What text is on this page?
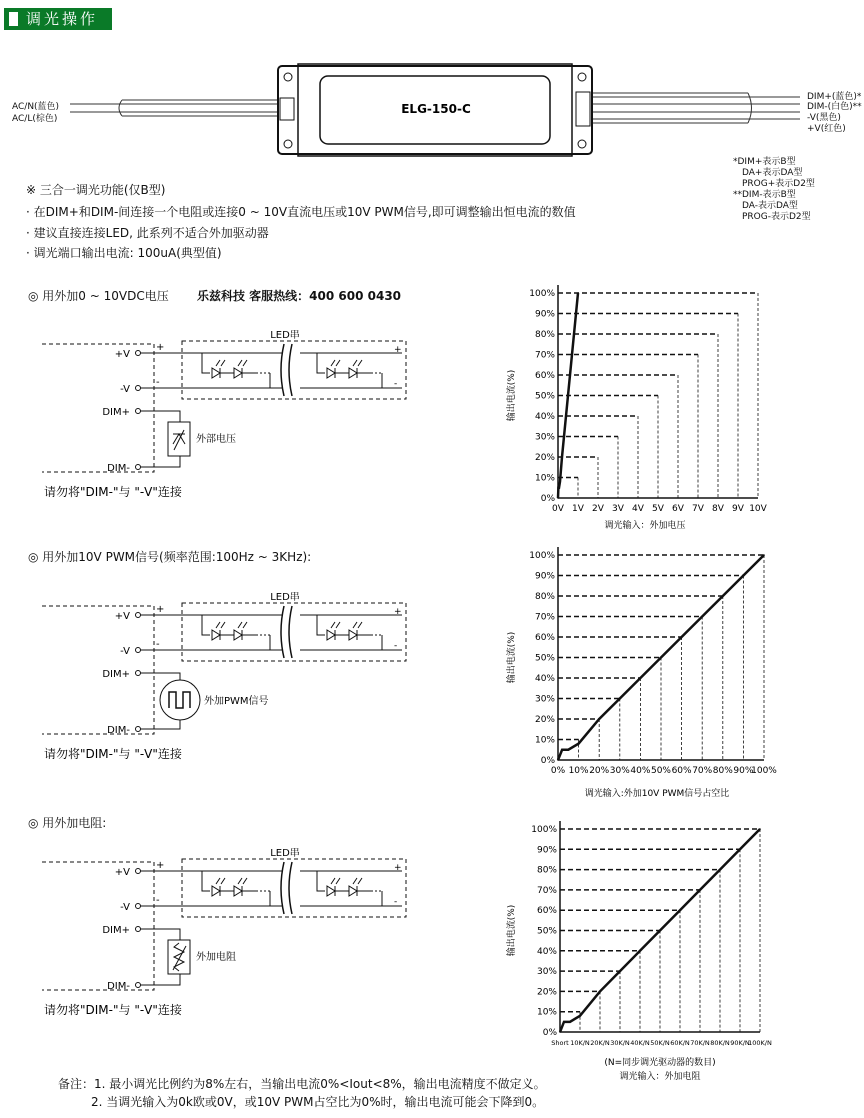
调光操作
ELG-150-C
AC/N(蓝色)
AC/L(棕色)
DIM+(蓝色)*
DIM-(白色)**
-V(黑色)
+V(红色)
*DIM+表示B型
DA+表示DA型
PROG+表示D2型
**DIM-表示B型
DA-表示DA型
PROG-表示D2型
※ 三合一调光功能(仅B型)
· 在DIM+和DIM-间连接一个电阻或连接0 ~ 10V直流电压或10V PWM信号,即可调整输出恒电流的数值
· 建议直接连接LED, 此系列不适合外加驱动器
· 调光端口输出电流: 100uA(典型值)
◎ 用外加0 ~ 10VDC电压 乐兹科技 客服热线：400 600 0430
◎ 用外加10V PWM信号(频率范围:100Hz ~ 3KHz):
◎ 用外加电阻:
+V
-V
DIM+
DIM-
+
-
LED串
+
-
外部电压
请勿将"DIM-"与 "-V"连接
+V
-V
DIM+
DIM-
+
-
LED串
+
-
外加PWM信号
请勿将"DIM-"与 "-V"连接
+V
-V
DIM+
DIM-
+
-
LED串
+
-
外加电阻
请勿将"DIM-"与 "-V"连接
0%
10%
20%
30%
40%
50%
60%
70%
80%
90%
100%
0V 1V 2V 3V 4V 5V 6V 7V 8V 9V 10V
输出电流(%)
调光输入：外加电压
0%
10%
20%
30%
40%
50%
60%
70%
80%
90%
100%
0% 10% 20% 30% 40% 50% 60% 70% 80% 90%
100%
输出电流(%)
调光输入:外加10V PWM信号占空比
0%
10%
20%
30%
40%
50%
60%
70%
80%
90%
100%
Short 10K/N 20K/N 30K/N 40K/N 50K/N 60K/N 70K/N 80K/N 90K/N
100K/N
输出电流(%)
(N=同步调光驱动器的数目)
调光输入：外加电阻
备注：1. 最小调光比例约为8%左右，当输出电流0%<Iout<8%，输出电流精度不做定义。
2. 当调光输入为0k欧或0V，或10V PWM占空比为0%时，输出电流可能会下降到0。
